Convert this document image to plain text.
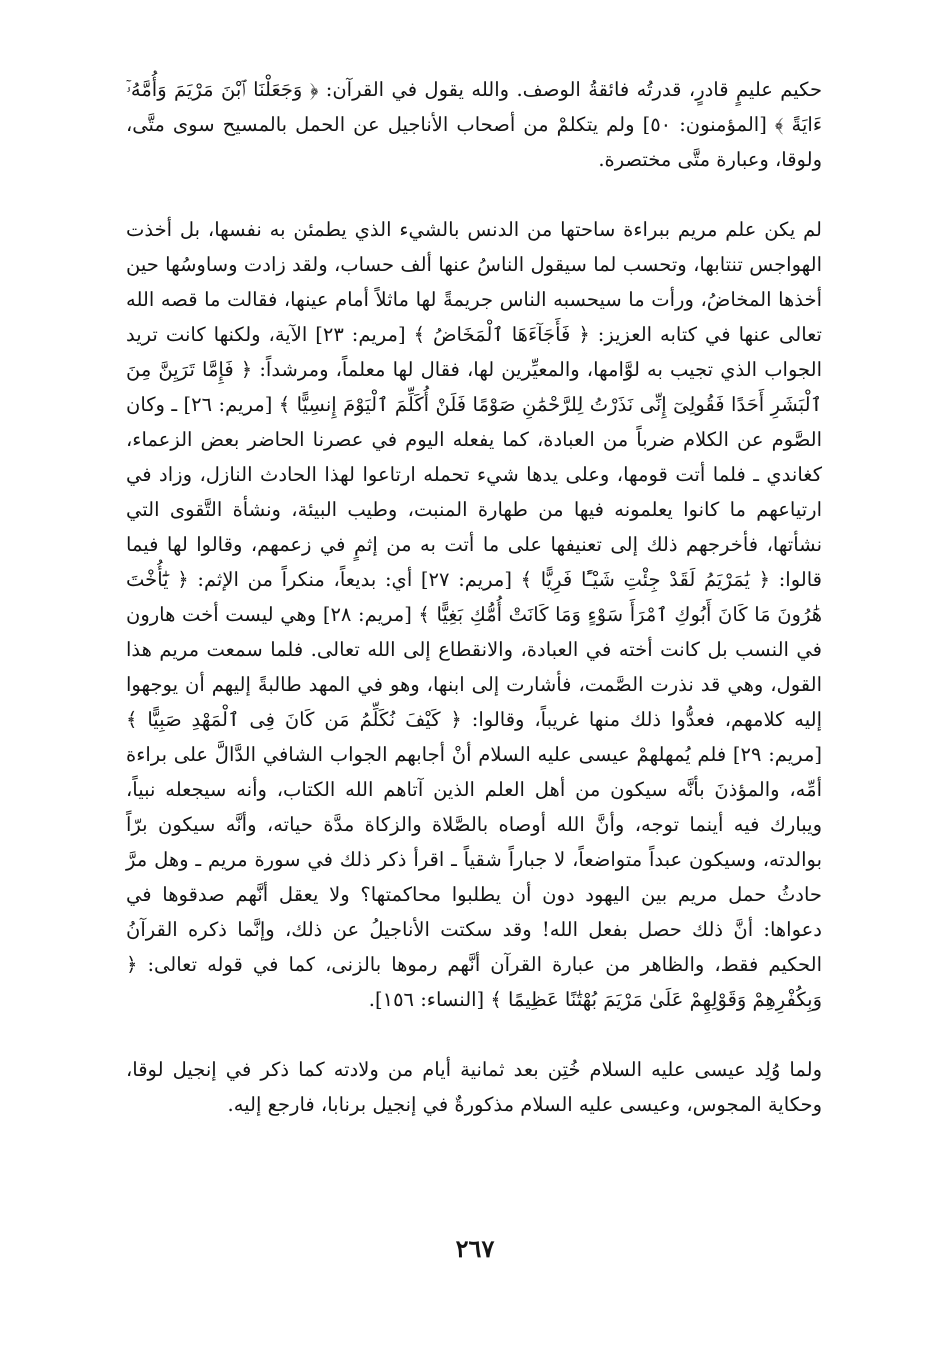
حكيم عليمٍ قادرٍ، قدرتُه فائقةُ الوصف. والله يقول في القرآن: ﴿ وَجَعَلْنَا ٱبْنَ مَرْيَمَ وَأُمَّهُۥٓ ءَايَةً ﴾ [المؤمنون: ٥٠] ولم يتكلمْ من أصحاب الأناجيل عن الحمل بالمسيح سوى متَّى، ولوقا، وعبارة متَّى مختصرة.

لم يكن علم مريم ببراءة ساحتها من الدنس بالشيء الذي يطمئن به نفسها، بل أخذت الهواجس تنتابها، وتحسب لما سيقول الناسُ عنها ألف حساب، ولقد زادت وساوسُها حين أخذها المخاضُ، ورأت ما سيحسبه الناس جريمةً لها ماثلاً أمام عينها، فقالت ما قصه الله تعالى عنها في كتابه العزيز: ﴿ فَأَجَآءَهَا ٱلْمَخَاضُ ﴾ [مريم: ٢٣] الآية، ولكنها كانت تريد الجواب الذي تجيب به لوَّامها، والمعيِّرين لها، فقال لها معلماً، ومرشداً: ﴿ فَإِمَّا تَرَيِنَّ مِنَ ٱلْبَشَرِ أَحَدًا فَقُولِىٓ إِنِّى نَذَرْتُ لِلرَّحْمَٰنِ صَوْمًا فَلَنْ أُكَلِّمَ ٱلْيَوْمَ إِنسِيًّا ﴾ [مريم: ٢٦] ـ وكان الصَّوم عن الكلام ضرباً من العبادة، كما يفعله اليوم في عصرنا الحاضر بعض الزعماء، كغاندي ـ فلما أتت قومها، وعلى يدها شيء تحمله ارتاعوا لهذا الحادث النازل، وزاد في ارتياعهم ما كانوا يعلمونه فيها من طهارة المنبت، وطيب البيئة، ونشأة التَّقوى التي نشأتها، فأخرجهم ذلك إلى تعنيفها على ما أتت به من إثمٍ في زعمهم، وقالوا لها فيما قالوا: ﴿ يَٰمَرْيَمُ لَقَدْ جِئْتِ شَيْـًٔا فَرِيًّا ﴾ [مريم: ٢٧] أي: بديعاً، منكراً من الإثم: ﴿ يَٰٓأُخْتَ هَٰرُونَ مَا كَانَ أَبُوكِ ٱمْرَأَ سَوْءٍ وَمَا كَانَتْ أُمُّكِ بَغِيًّا ﴾ [مريم: ٢٨] وهي ليست أخت هارون في النسب بل كانت أخته في العبادة، والانقطاع إلى الله تعالى. فلما سمعت مريم هذا القول، وهي قد نذرت الصَّمت، فأشارت إلى ابنها، وهو في المهد طالبةً إليهم أن يوجهوا إليه كلامهم، فعدُّوا ذلك منها غريباً، وقالوا: ﴿ كَيْفَ نُكَلِّمُ مَن كَانَ فِى ٱلْمَهْدِ صَبِيًّا ﴾ [مريم: ٢٩] فلم يُمهلهمْ عيسى عليه السلام أنْ أجابهم الجواب الشافي الدَّالَّ على براءة أمِّه، والمؤذنَ بأنَّه سيكون من أهل العلم الذين آتاهم الله الكتاب، وأنه سيجعله نبياً، ويبارك فيه أينما توجه، وأنَّ الله أوصاه بالصَّلاة والزكاة مدَّة حياته، وأنَّه سيكون برّاً بوالدته، وسيكون عبداً متواضعاً، لا جباراً شقياً ـ اقرأ ذكر ذلك في سورة مريم ـ وهل مرَّ حادثُ حمل مريم بين اليهود دون أن يطلبوا محاكمتها؟ ولا يعقل أنَّهم صدقوها في دعواها: أنَّ ذلك حصل بفعل الله! وقد سكتت الأناجيلُ عن ذلك، وإنَّما ذكره القرآنُ الحكيم فقط، والظاهر من عبارة القرآن أنَّهم رموها بالزنى، كما في قوله تعالى: ﴿ وَبِكُفْرِهِمْ وَقَوْلِهِمْ عَلَىٰ مَرْيَمَ بُهْتَٰنًا عَظِيمًا ﴾ [النساء: ١٥٦].

ولما وُلِد عيسى عليه السلام خُتِن بعد ثمانية أيام من ولادته كما ذكر في إنجيل لوقا، وحكاية المجوس، وعيسى عليه السلام مذكورةٌ في إنجيل برنابا، فارجع إليه.

٢٦٧
